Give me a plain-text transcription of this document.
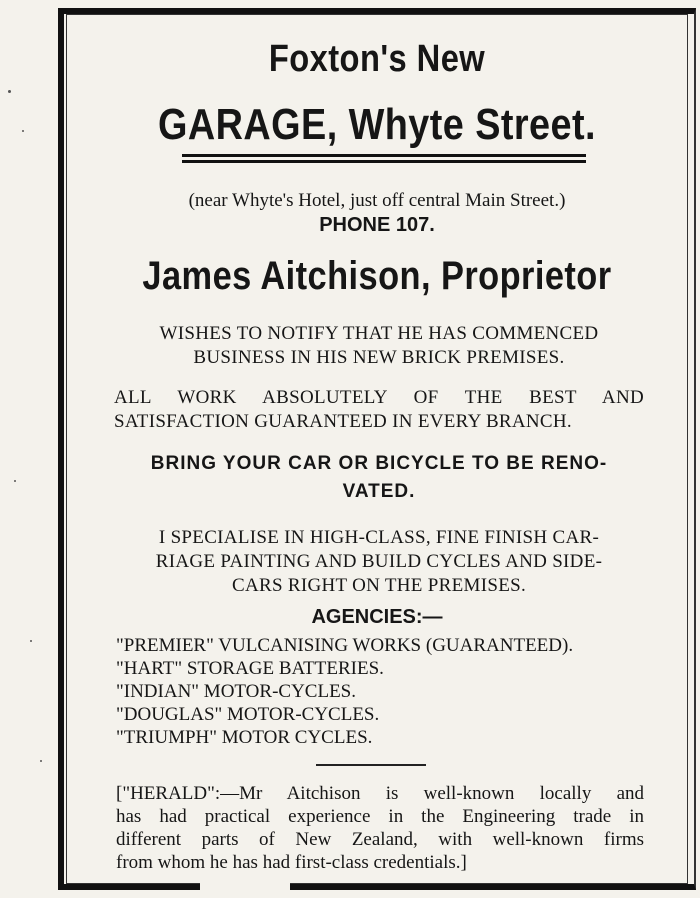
Foxton's New
GARAGE, Whyte Street.
(near Whyte's Hotel, just off central Main Street.)
PHONE 107.
James Aitchison, Proprietor
WISHES TO NOTIFY THAT HE HAS COMMENCED
BUSINESS IN HIS NEW BRICK PREMISES.
ALL WORK ABSOLUTELY OF THE BEST AND
SATISFACTION GUARANTEED IN EVERY BRANCH.
BRING YOUR CAR OR BICYCLE TO BE RENO-
VATED.
I SPECIALISE IN HIGH-CLASS, FINE FINISH CAR-
RIAGE PAINTING AND BUILD CYCLES AND SIDE-
CARS RIGHT ON THE PREMISES.
AGENCIES:—
"PREMIER" VULCANISING WORKS (GUARANTEED).
"HART" STORAGE BATTERIES.
"INDIAN" MOTOR-CYCLES.
"DOUGLAS" MOTOR-CYCLES.
"TRIUMPH" MOTOR CYCLES.
["HERALD":—Mr Aitchison is well-known locally and
has had practical experience in the Engineering trade in
different parts of New Zealand, with well-known firms
from whom he has had first-class credentials.]
